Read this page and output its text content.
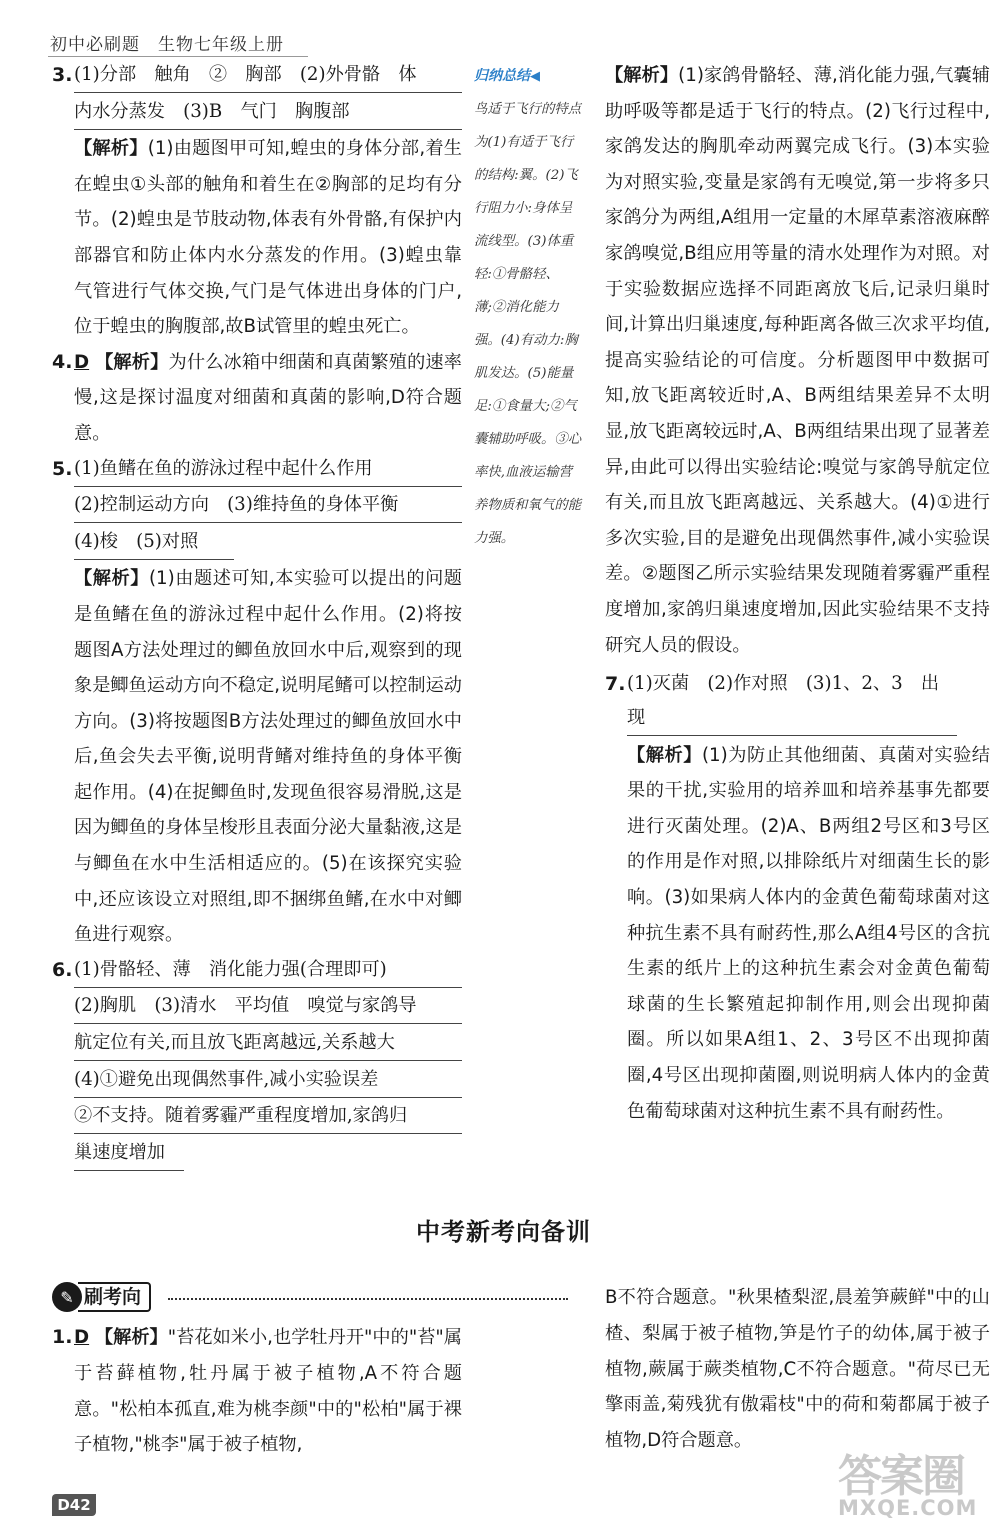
初中必刷题 生物七年级上册
3. (1)分部　触角　②　胸部　(2)外骨骼　体
内水分蒸发　(3)B　气门　胸腹部

【解析】(1)由题图甲可知,蝗虫的身体分部,着生在蝗虫①头部的触角和着生在②胸部的足均有分节。(2)蝗虫是节肢动物,体表有外骨骼,有保护内部器官和防止体内水分蒸发的作用。(3)蝗虫靠气管进行气体交换,气门是气体进出身体的门户,位于蝗虫的胸腹部,故B试管里的蝗虫死亡。

4. D 【解析】为什么冰箱中细菌和真菌繁殖的速率慢,这是探讨温度对细菌和真菌的影响,D符合题意。

5. (1)鱼鳍在鱼的游泳过程中起什么作用
(2)控制运动方向　(3)维持鱼的身体平衡
(4)梭　(5)对照

【解析】(1)由题述可知,本实验可以提出的问题是鱼鳍在鱼的游泳过程中起什么作用。(2)将按题图A方法处理过的鲫鱼放回水中后,观察到的现象是鲫鱼运动方向不稳定,说明尾鳍可以控制运动方向。(3)将按题图B方法处理过的鲫鱼放回水中后,鱼会失去平衡,说明背鳍对维持鱼的身体平衡起作用。(4)在捉鲫鱼时,发现鱼很容易滑脱,这是因为鲫鱼的身体呈梭形且表面分泌大量黏液,这是与鲫鱼在水中生活相适应的。(5)在该探究实验中,还应该设立对照组,即不捆绑鱼鳍,在水中对鲫鱼进行观察。

6. (1)骨骼轻、薄　消化能力强(合理即可)
(2)胸肌　(3)清水　平均值　嗅觉与家鸽导
航定位有关,而且放飞距离越远,关系越大
(4)①避免出现偶然事件,减小实验误差
②不支持。随着雾霾严重程度增加,家鸽归
巢速度增加
归纳总结◀

鸟适于飞行的特点为(1)有适于飞行的结构:翼。(2)飞行阻力小:身体呈流线型。(3)体重轻:①骨骼轻、薄;②消化能力强。(4)有动力:胸肌发达。(5)能量足:①食量大;②气囊辅助呼吸。③心率快,血液运输营养物质和氧气的能力强。

【解析】(1)家鸽骨骼轻、薄,消化能力强,气囊辅助呼吸等都是适于飞行的特点。(2)飞行过程中,家鸽发达的胸肌牵动两翼完成飞行。(3)本实验为对照实验,变量是家鸽有无嗅觉,第一步将多只家鸽分为两组,A组用一定量的木犀草素溶液麻醉家鸽嗅觉,B组应用等量的清水处理作为对照。对于实验数据应选择不同距离放飞后,记录归巢时间,计算出归巢速度,每种距离各做三次求平均值,提高实验结论的可信度。分析题图甲中数据可知,放飞距离较近时,A、B两组结果差异不太明显,放飞距离较远时,A、B两组结果出现了显著差异,由此可以得出实验结论:嗅觉与家鸽导航定位有关,而且放飞距离越远、关系越大。(4)①进行多次实验,目的是避免出现偶然事件,减小实验误差。②题图乙所示实验结果发现随着雾霾严重程度增加,家鸽归巢速度增加,因此实验结果不支持研究人员的假设。

7. (1)灭菌　(2)作对照　(3)1、2、3　出现

【解析】(1)为防止其他细菌、真菌对实验结果的干扰,实验用的培养皿和培养基事先都要进行灭菌处理。(2)A、B两组2号区和3号区的作用是作对照,以排除纸片对细菌生长的影响。(3)如果病人体内的金黄色葡萄球菌对这种抗生素不具有耐药性,那么A组4号区的含抗生素的纸片上的这种抗生素会对金黄色葡萄球菌的生长繁殖起抑制作用,则会出现抑菌圈。所以如果A组1、2、3号区不出现抑菌圈,4号区出现抑菌圈,则说明病人体内的金黄色葡萄球菌对这种抗生素不具有耐药性。

中考新考向备训
✎ 刷考向
1. D 【解析】"苔花如米小,也学牡丹开"中的"苔"属于苔藓植物,牡丹属于被子植物,A不符合题意。"松柏本孤直,难为桃李颜"中的"松柏"属于裸子植物,"桃李"属于被子植物,

B不符合题意。"秋果楂梨涩,晨羞笋蕨鲜"中的山楂、梨属于被子植物,笋是竹子的幼体,属于被子植物,蕨属于蕨类植物,C不符合题意。"荷尽已无擎雨盖,菊残犹有傲霜枝"中的荷和菊都属于被子植物,D符合题意。

D42
答案圈
MXQE.COM
